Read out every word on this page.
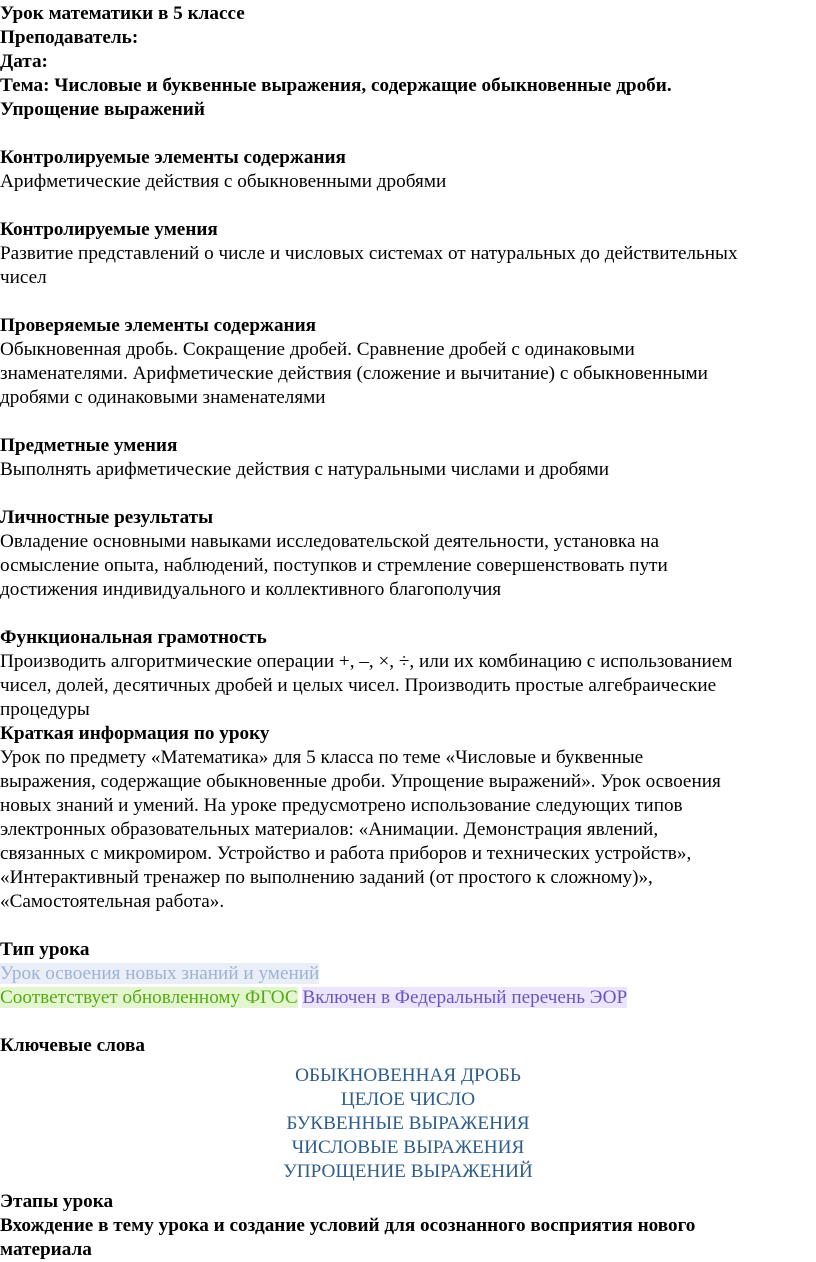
Урок математики в 5 классе
Преподаватель:
Дата:
Тема: Числовые и буквенные выражения, содержащие обыкновенные дроби.
Упрощение выражений
Контролируемые элементы содержания
Арифметические действия с обыкновенными дробями
Контролируемые умения
Развитие представлений о числе и числовых системах от натуральных до действительных
чисел
Проверяемые элементы содержания
Обыкновенная дробь. Сокращение дробей. Сравнение дробей с одинаковыми
знаменателями. Арифметические действия (сложение и вычитание) с обыкновенными
дробями с одинаковыми знаменателями
Предметные умения
Выполнять арифметические действия с натуральными числами и дробями
Личностные результаты
Овладение основными навыками исследовательской деятельности, установка на
осмысление опыта, наблюдений, поступков и стремление совершенствовать пути
достижения индивидуального и коллективного благополучия
Функциональная грамотность
Производить алгоритмические операции +, –, ×, ÷, или их комбинацию с использованием
чисел, долей, десятичных дробей и целых чисел. Производить простые алгебраические
процедуры
Краткая информация по уроку
Урок по предмету «Математика» для 5 класса по теме «Числовые и буквенные
выражения, содержащие обыкновенные дроби. Упрощение выражений». Урок освоения
новых знаний и умений. На уроке предусмотрено использование следующих типов
электронных образовательных материалов: «Анимации. Демонстрация явлений,
связанных с микромиром. Устройство и работа приборов и технических устройств»,
«Интерактивный тренажер по выполнению заданий (от простого к сложному)»,
«Самостоятельная работа».
Тип урока
Урок освоения новых знаний и умений
Соответствует обновленному ФГОС Включен в Федеральный перечень ЭОР
Ключевые слова
ОБЫКНОВЕННАЯ ДРОБЬ
ЦЕЛОЕ ЧИСЛО
БУКВЕННЫЕ ВЫРАЖЕНИЯ
ЧИСЛОВЫЕ ВЫРАЖЕНИЯ
УПРОЩЕНИЕ ВЫРАЖЕНИЙ
Этапы урока
Вхождение в тему урока и создание условий для осознанного восприятия нового
материала
